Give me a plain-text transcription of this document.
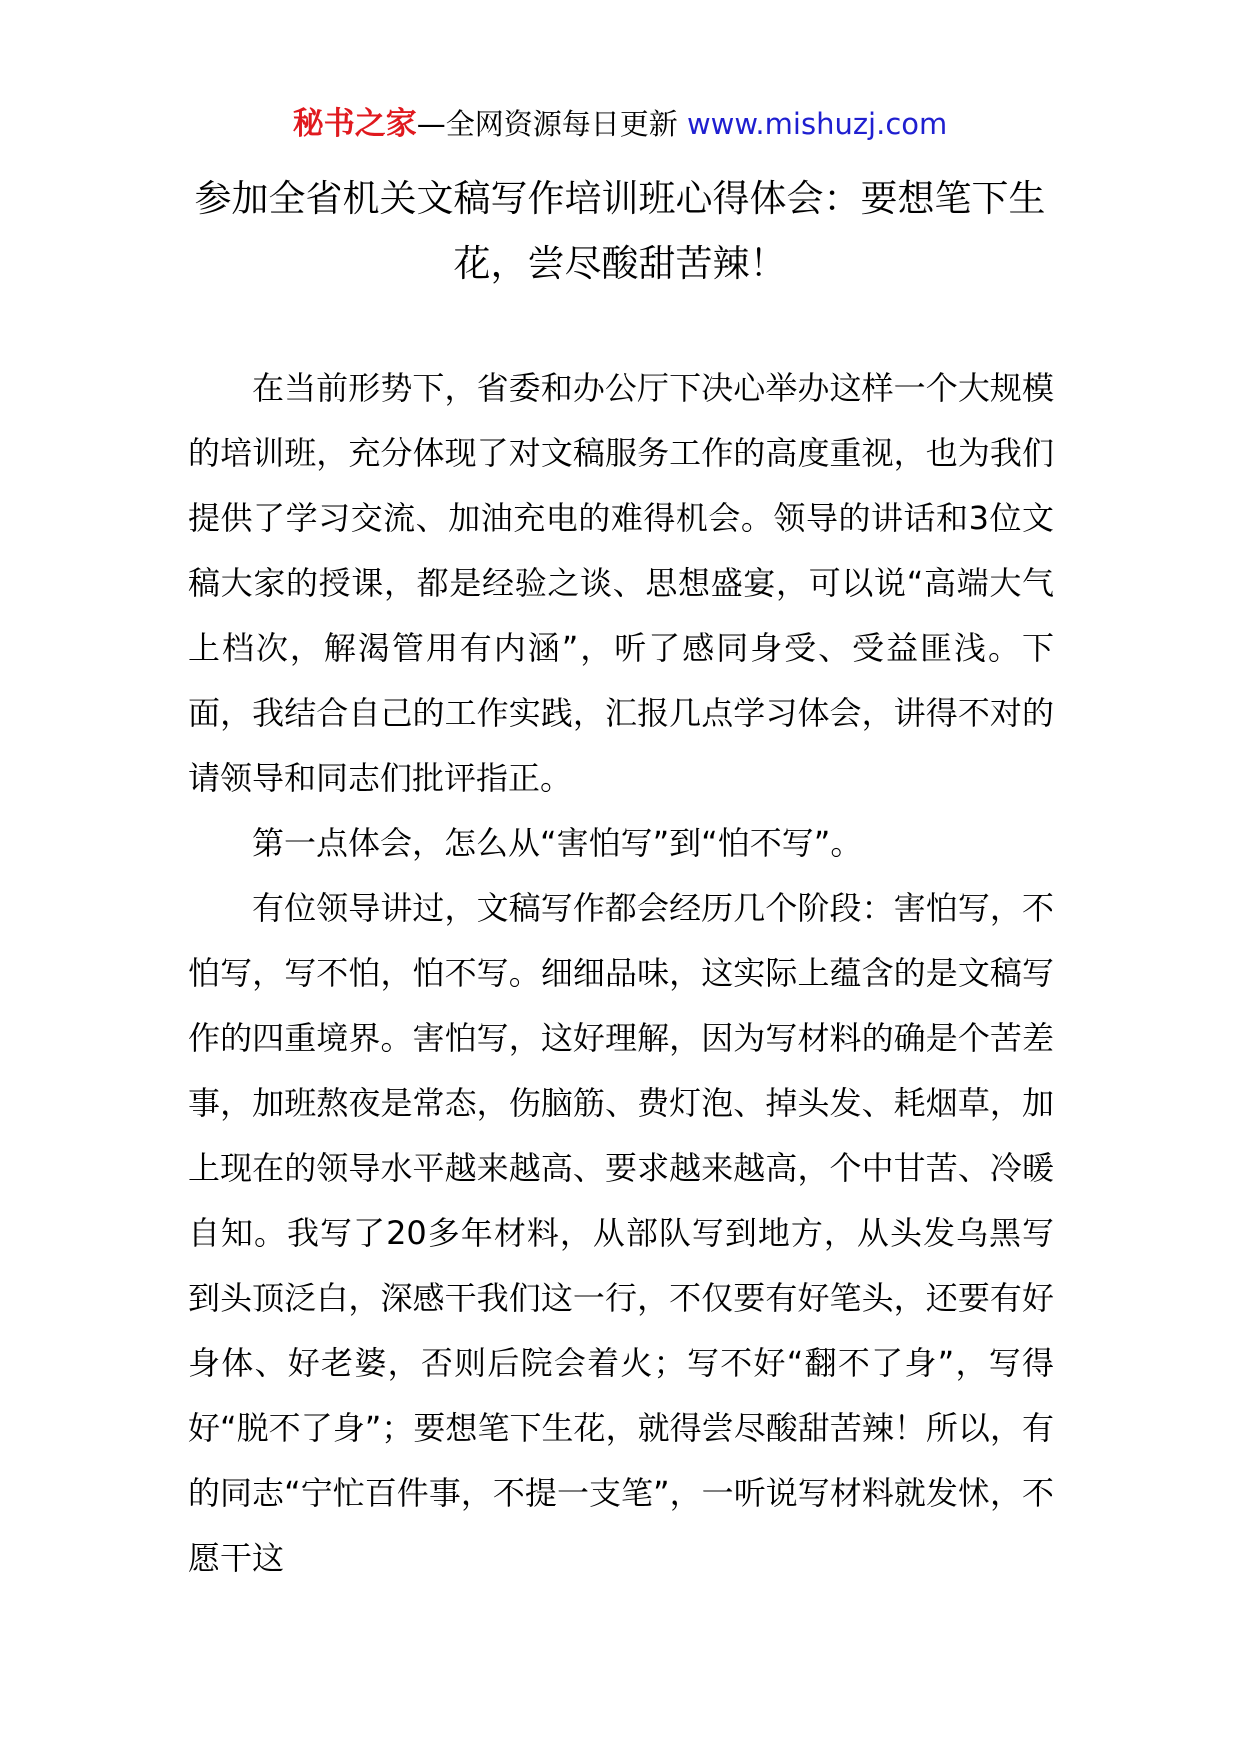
秘书之家—全网资源每日更新 www.mishuzj.com
参加全省机关文稿写作培训班心得体会：要想笔下生花，尝尽酸甜苦辣！

在当前形势下，省委和办公厅下决心举办这样一个大规模的培训班，充分体现了对文稿服务工作的高度重视，也为我们提供了学习交流、加油充电的难得机会。领导的讲话和3位文稿大家的授课，都是经验之谈、思想盛宴，可以说“高端大气上档次，解渴管用有内涵”，听了感同身受、受益匪浅。下面，我结合自己的工作实践，汇报几点学习体会，讲得不对的请领导和同志们批评指正。

第一点体会，怎么从“害怕写”到“怕不写”。

有位领导讲过，文稿写作都会经历几个阶段：害怕写，不怕写，写不怕，怕不写。细细品味，这实际上蕴含的是文稿写作的四重境界。害怕写，这好理解，因为写材料的确是个苦差事，加班熬夜是常态，伤脑筋、费灯泡、掉头发、耗烟草，加上现在的领导水平越来越高、要求越来越高，个中甘苦、冷暖自知。我写了20多年材料，从部队写到地方，从头发乌黑写到头顶泛白，深感干我们这一行，不仅要有好笔头，还要有好身体、好老婆，否则后院会着火；写不好“翻不了身”，写得好“脱不了身”；要想笔下生花，就得尝尽酸甜苦辣！所以，有的同志“宁忙百件事，不提一支笔”，一听说写材料就发怵，不愿干这
